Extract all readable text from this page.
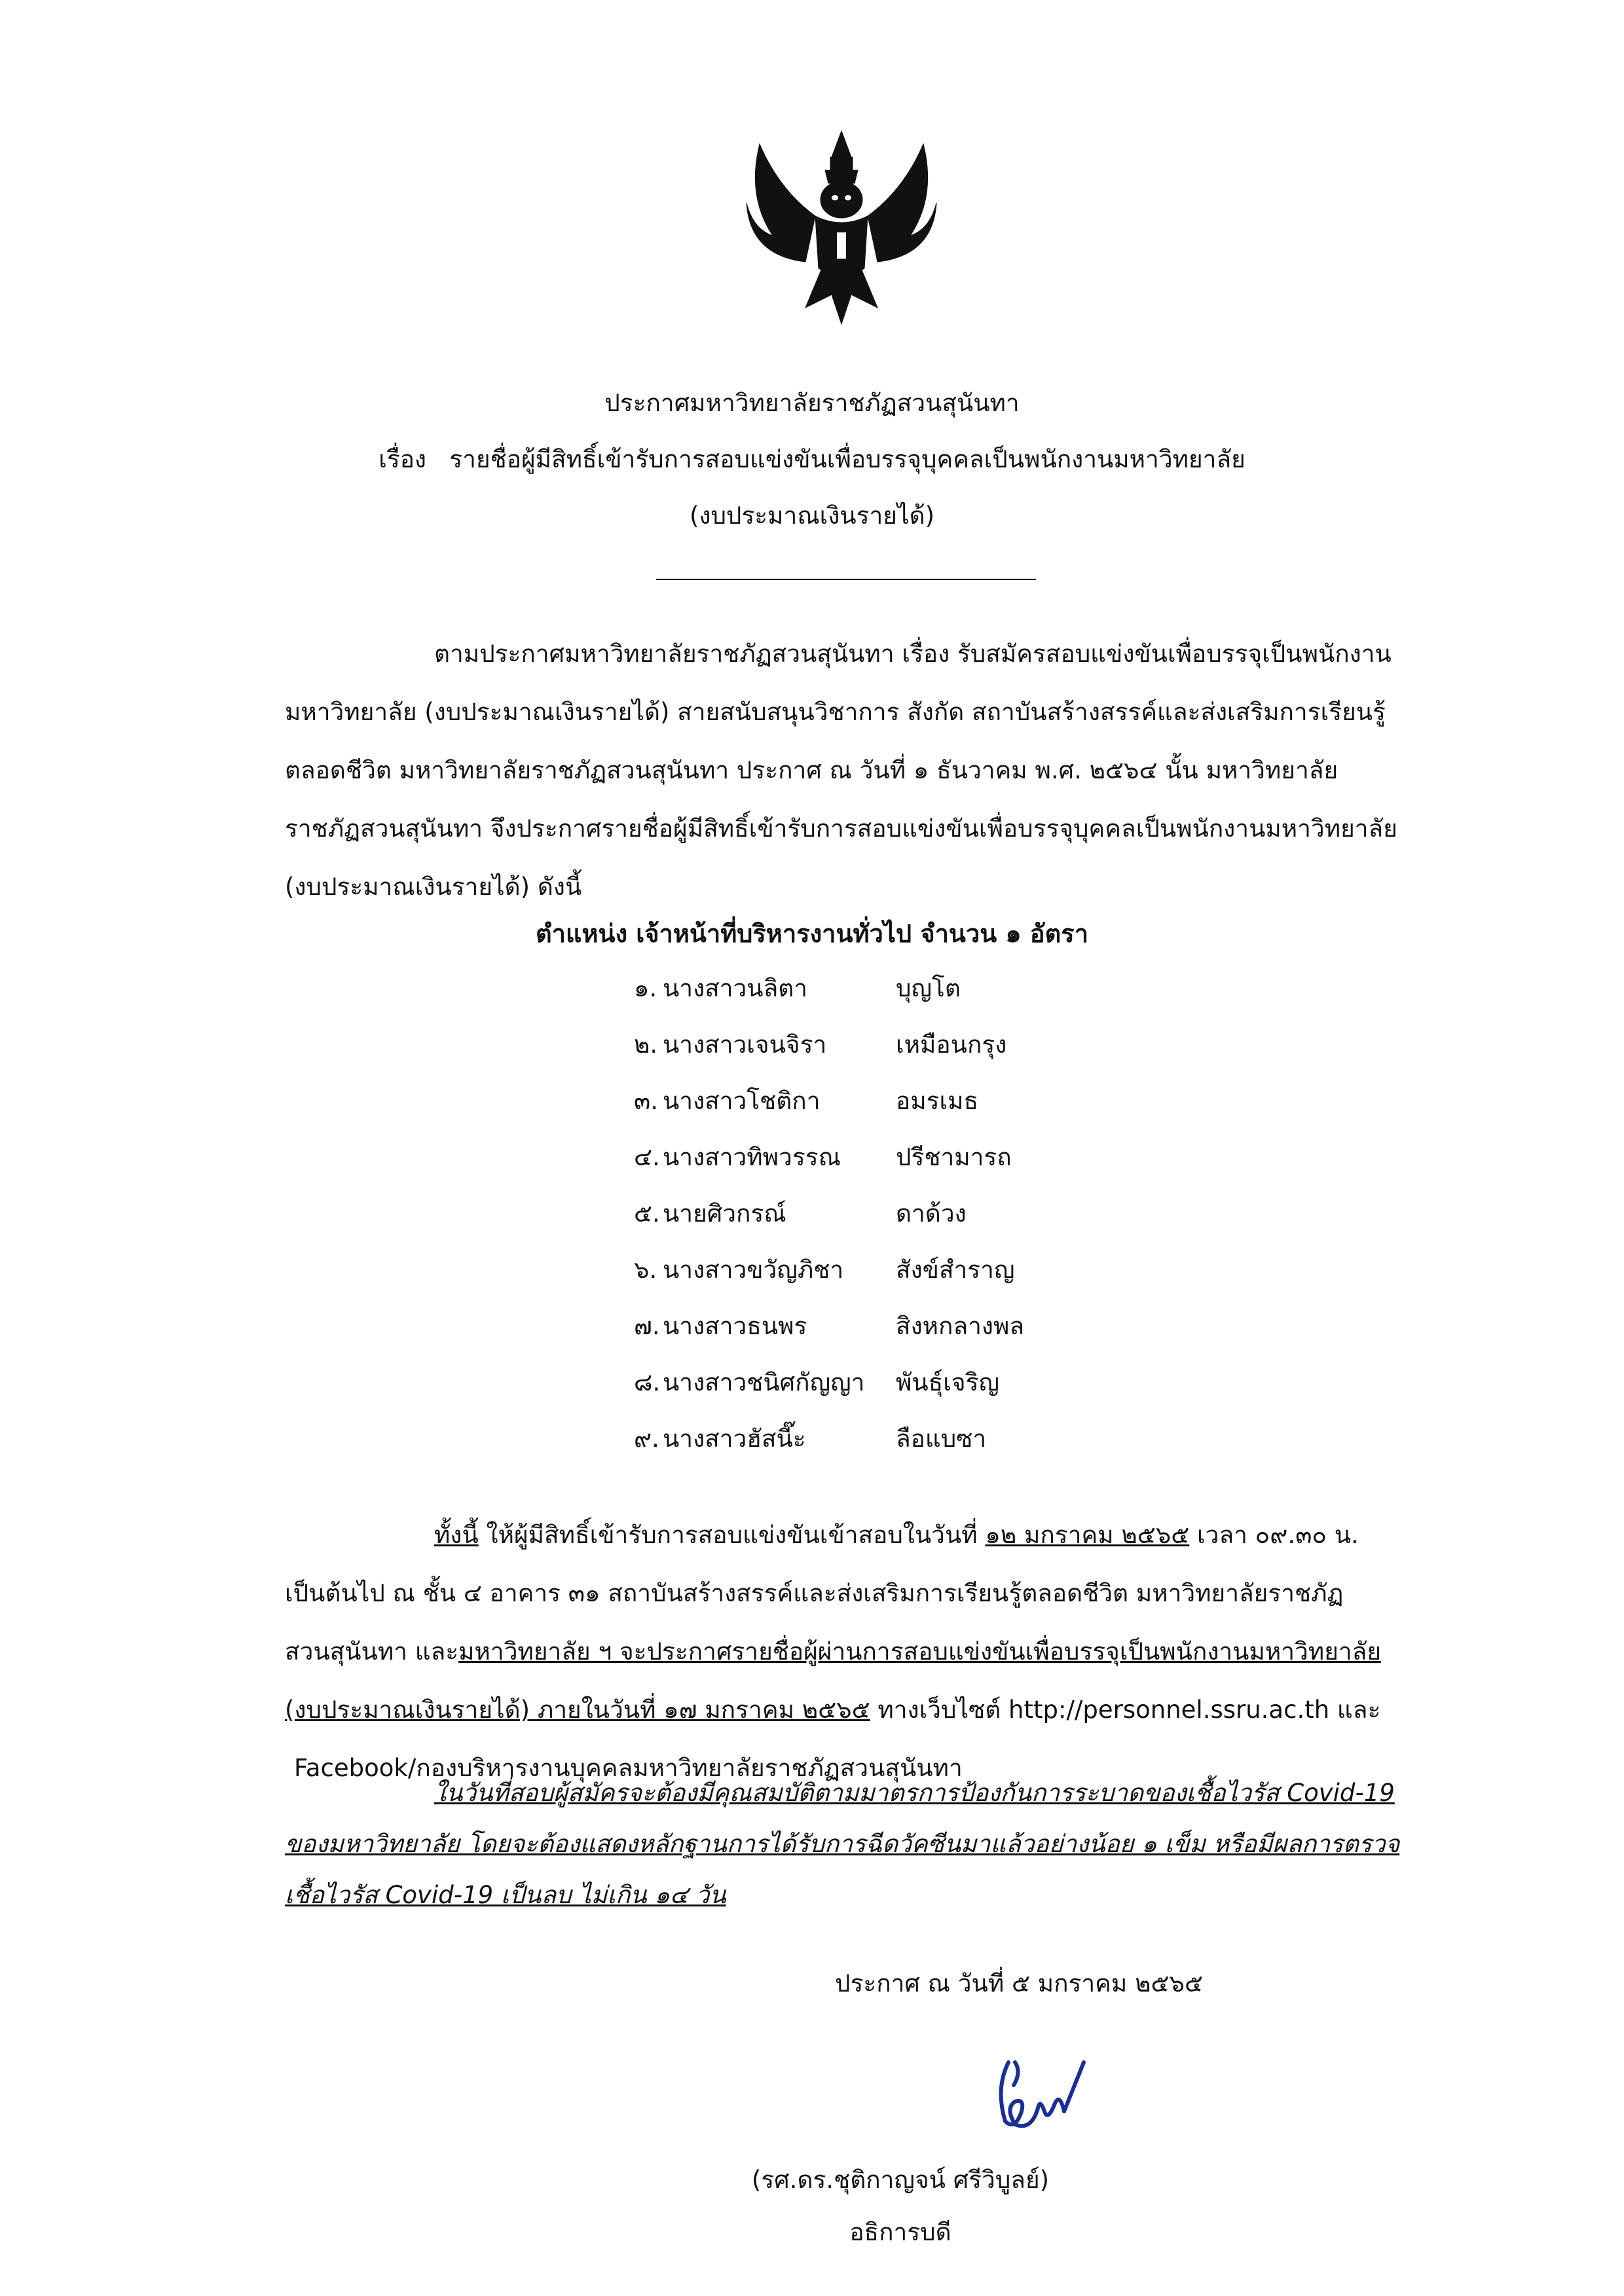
ประกาศมหาวิทยาลัยราชภัฏสวนสุนันทา
เรื่อง รายชื่อผู้มีสิทธิ์เข้ารับการสอบแข่งขันเพื่อบรรจุบุคคลเป็นพนักงานมหาวิทยาลัย
(งบประมาณเงินรายได้)
ตามประกาศมหาวิทยาลัยราชภัฏสวนสุนันทา เรื่อง รับสมัครสอบแข่งขันเพื่อบรรจุเป็นพนักงาน
มหาวิทยาลัย (งบประมาณเงินรายได้) สายสนับสนุนวิชาการ สังกัด สถาบันสร้างสรรค์และส่งเสริมการเรียนรู้
ตลอดชีวิต มหาวิทยาลัยราชภัฏสวนสุนันทา ประกาศ ณ วันที่ ๑ ธันวาคม พ.ศ. ๒๕๖๔ นั้น มหาวิทยาลัย
ราชภัฏสวนสุนันทา จึงประกาศรายชื่อผู้มีสิทธิ์เข้ารับการสอบแข่งขันเพื่อบรรจุบุคคลเป็นพนักงานมหาวิทยาลัย
(งบประมาณเงินรายได้) ดังนี้
ตำแหน่ง เจ้าหน้าที่บริหารงานทั่วไป จำนวน ๑ อัตรา
๑. นางสาวนลิตา	บุญโต
๒. นางสาวเจนจิรา	เหมือนกรุง
๓. นางสาวโชติกา	อมรเมธ
๔. นางสาวทิพวรรณ ปรีชามารถ
๕. นายศิวกรณ์	ดาด้วง
๖. นางสาวขวัญภิชา สังข์สำราญ
๗. นางสาวธนพร	สิงหกลางพล
๘.นางสาวชนิศกัญญา พันธุ์เจริญ
๙. นางสาวฮัสนี๊ะ	ลือแบซา
ทั้งนี้ ให้ผู้มีสิทธิ์เข้ารับการสอบแข่งขันเข้าสอบในวันที่ ๑๒ มกราคม ๒๕๖๕ เวลา ๐๙.๓๐ น.
เป็นต้นไป ณ ชั้น ๔ อาคาร ๓๑ สถาบันสร้างสรรค์และส่งเสริมการเรียนรู้ตลอดชีวิต มหาวิทยาลัยราชภัฏ
สวนสุนันทา และมหาวิทยาลัย ฯ จะประกาศรายชื่อผู้ผ่านการสอบแข่งขันเพื่อบรรจุเป็นพนักงานมหาวิทยาลัย
(งบประมาณเงินรายได้) ภายในวันที่ ๑๗ มกราคม ๒๕๖๕ ทางเว็บไซต์ http://personnel.ssru.ac.th และ
Facebook/กองบริหารงานบุคคลมหาวิทยาลัยราชภัฏสวนสุนันทา
ในวันที่สอบผู้สมัครจะต้องมีคุณสมบัติตามมาตรการป้องกันการระบาดของเชื้อไวรัส Covid-19
ของมหาวิทยาลัย โดยจะต้องแสดงหลักฐานการได้รับการฉีดวัคซีนมาแล้วอย่างน้อย ๑ เข็ม หรือมีผลการตรวจ
เชื้อไวรัส Covid-19 เป็นลบ ไม่เกิน ๑๔ วัน
ประกาศ ณ วันที่ ๕ มกราคม ๒๕๖๕
(รศ.ดร.ชุติกาญจน์ ศรีวิบูลย์)
อธิการบดี
